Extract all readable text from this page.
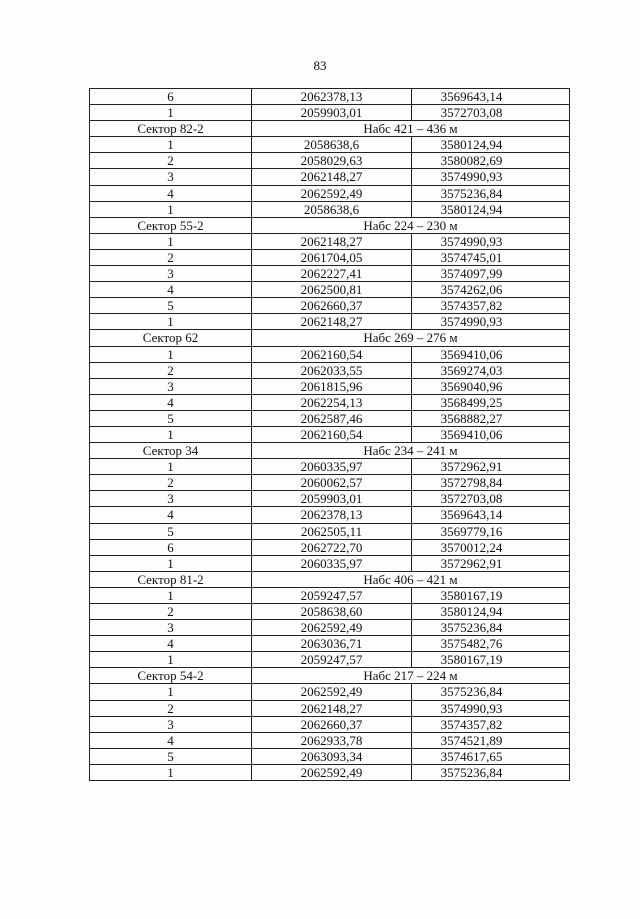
83
6	2062378,13	3569643,14
1	2059903,01	3572703,08
Сектор 82-2	Набс 421 – 436 м	
1	2058638,6	3580124,94
2	2058029,63	3580082,69
3	2062148,27	3574990,93
4	2062592,49	3575236,84
1	2058638,6	3580124,94
Сектор 55-2	Набс 224 – 230 м	
1	2062148,27	3574990,93
2	2061704,05	3574745,01
3	2062227,41	3574097,99
4	2062500,81	3574262,06
5	2062660,37	3574357,82
1	2062148,27	3574990,93
Сектор 62	Набс 269 – 276 м	
1	2062160,54	3569410,06
2	2062033,55	3569274,03
3	2061815,96	3569040,96
4	2062254,13	3568499,25
5	2062587,46	3568882,27
1	2062160,54	3569410,06
Сектор 34	Набс 234 – 241 м	
1	2060335,97	3572962,91
2	2060062,57	3572798,84
3	2059903,01	3572703,08
4	2062378,13	3569643,14
5	2062505,11	3569779,16
6	2062722,70	3570012,24
1	2060335,97	3572962,91
Сектор 81-2	Набс 406 – 421 м	
1	2059247,57	3580167,19
2	2058638,60	3580124,94
3	2062592,49	3575236,84
4	2063036,71	3575482,76
1	2059247,57	3580167,19
Сектор 54-2	Набс 217 – 224 м	
1	2062592,49	3575236,84
2	2062148,27	3574990,93
3	2062660,37	3574357,82
4	2062933,78	3574521,89
5	2063093,34	3574617,65
1	2062592,49	3575236,84
